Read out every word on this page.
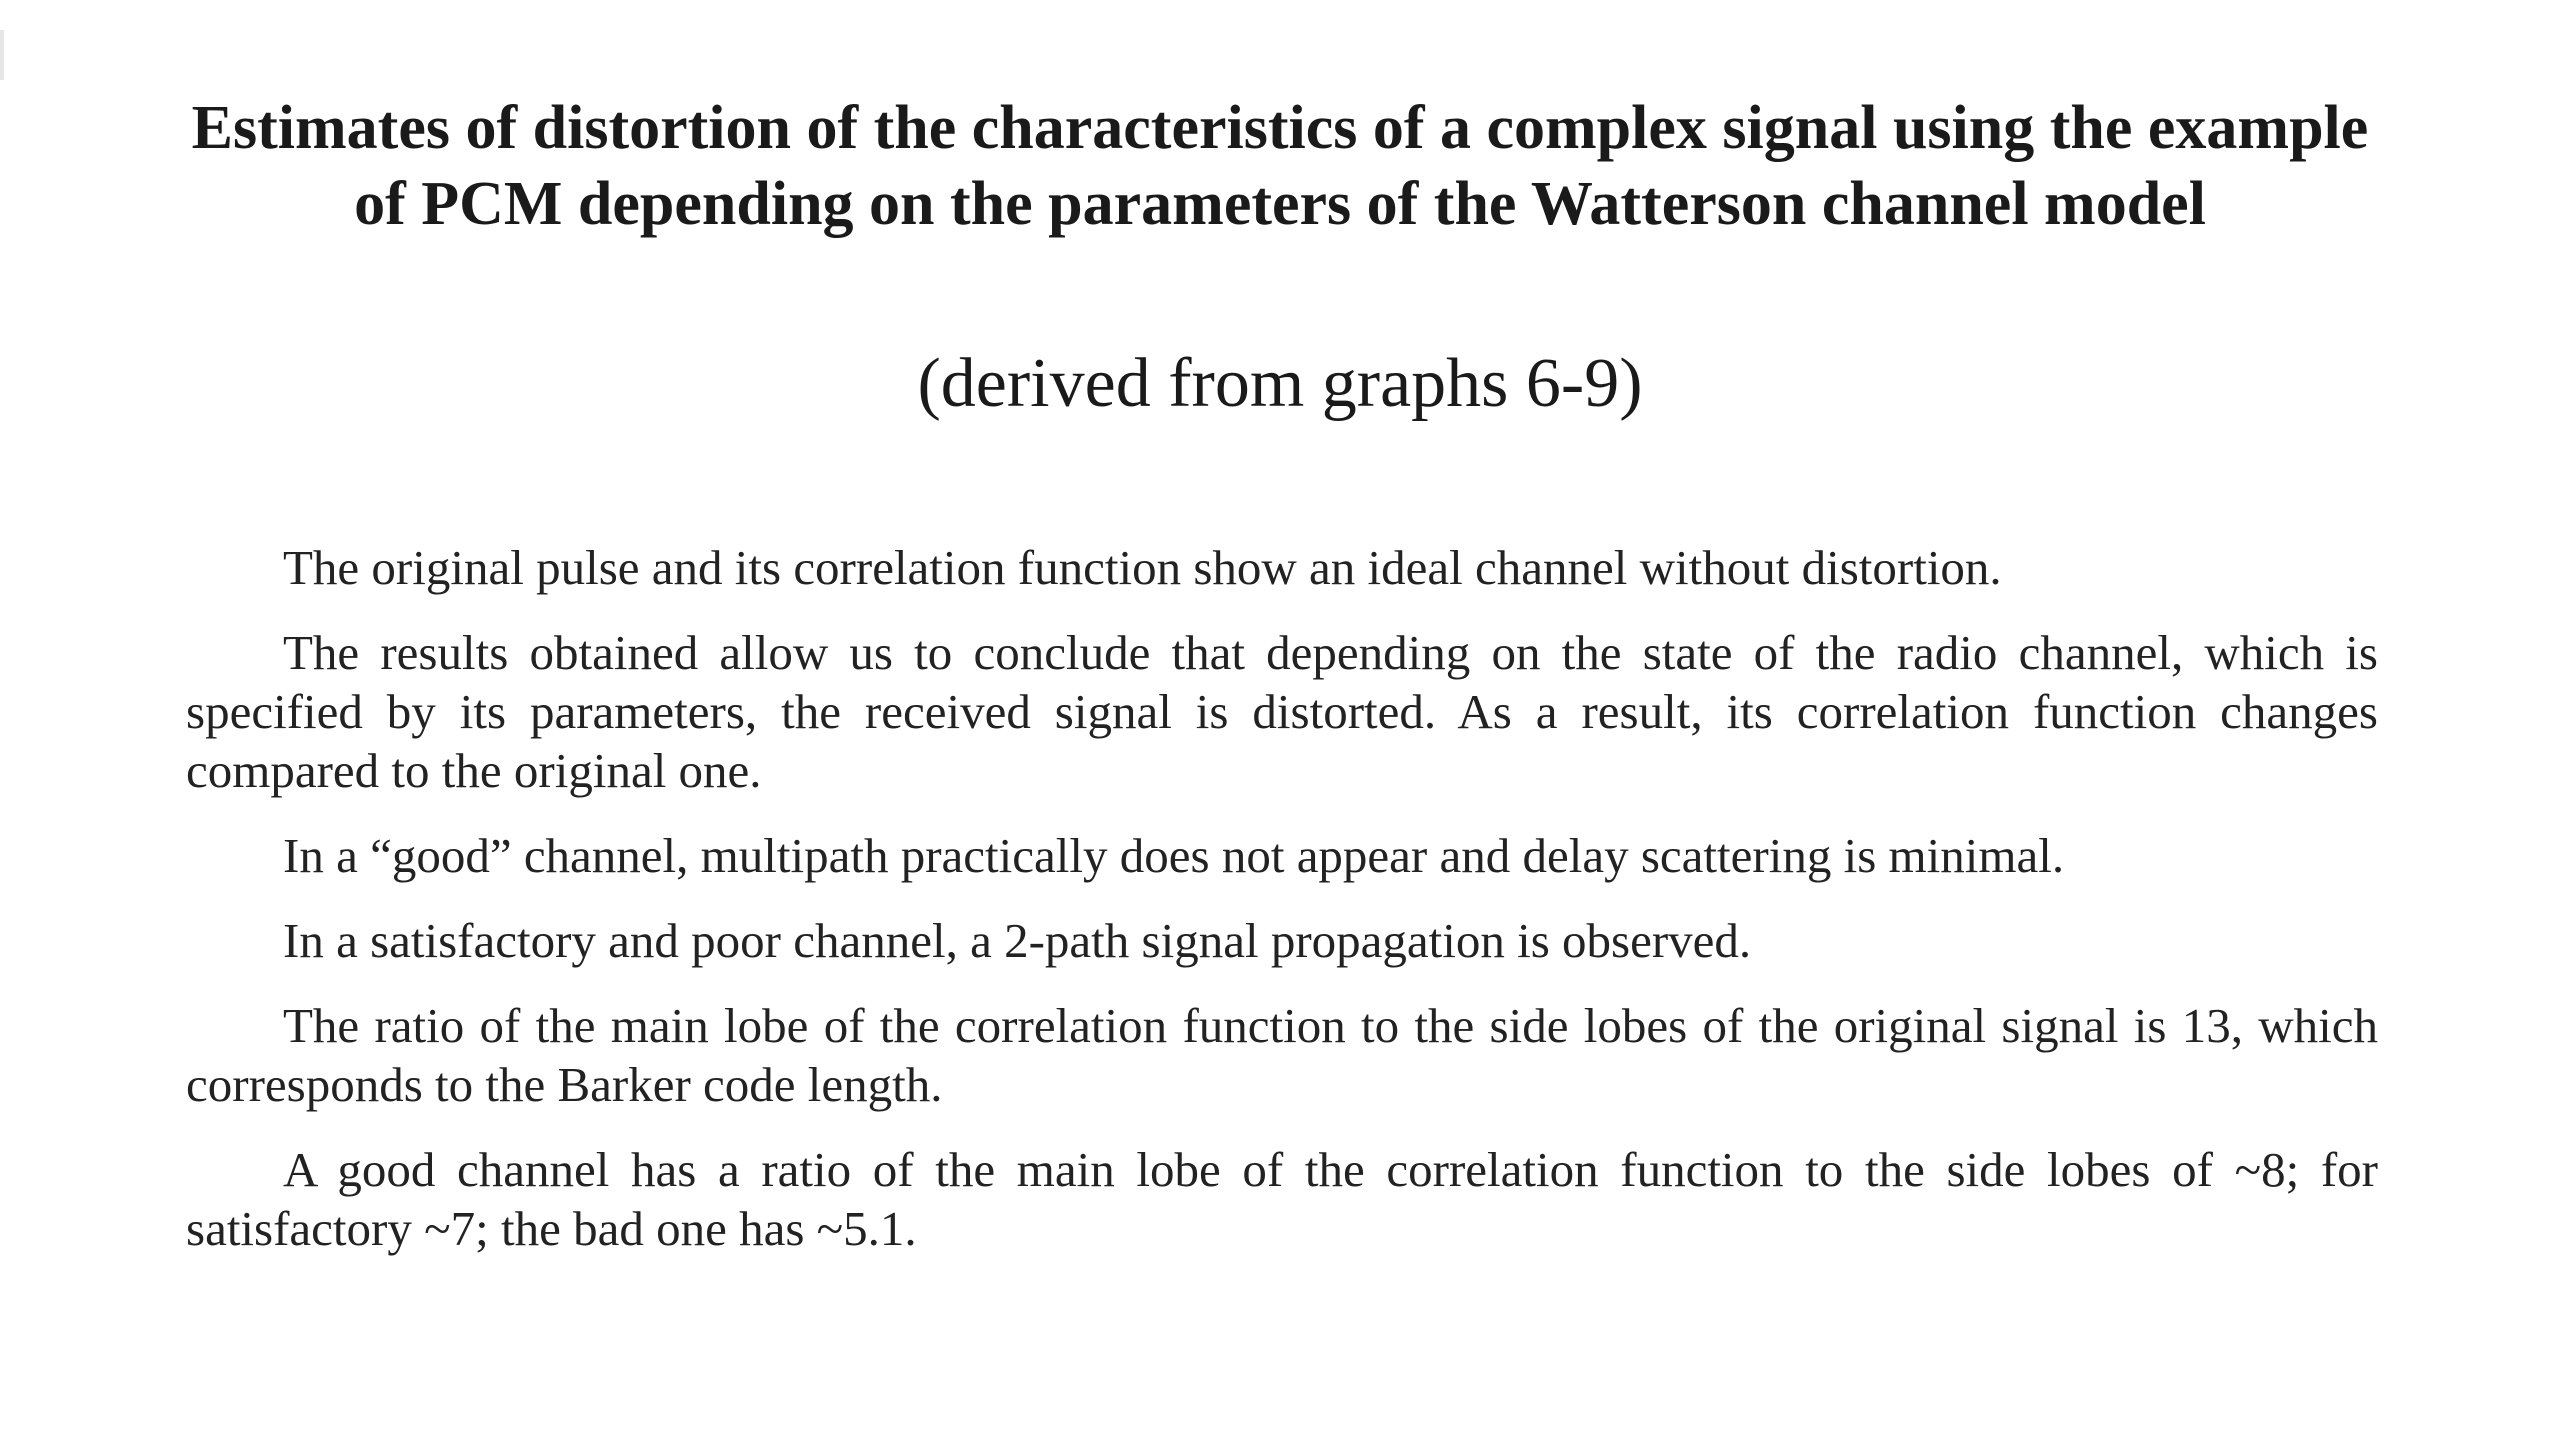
Estimates of distortion of the characteristics of a complex signal using the example of PCM depending on the parameters of the Watterson channel model
(derived from graphs 6-9)

The original pulse and its correlation function show an ideal channel without distortion.

The results obtained allow us to conclude that depending on the state of the radio channel, which is specified by its parameters, the received signal is distorted. As a result, its correlation function changes compared to the original one.

In a “good” channel, multipath practically does not appear and delay scattering is minimal.

In a satisfactory and poor channel, a 2-path signal propagation is observed.

The ratio of the main lobe of the correlation function to the side lobes of the original signal is 13, which corresponds to the Barker code length.

A good channel has a ratio of the main lobe of the correlation function to the side lobes of ~8; for satisfactory ~7; the bad one has ~5.1.
